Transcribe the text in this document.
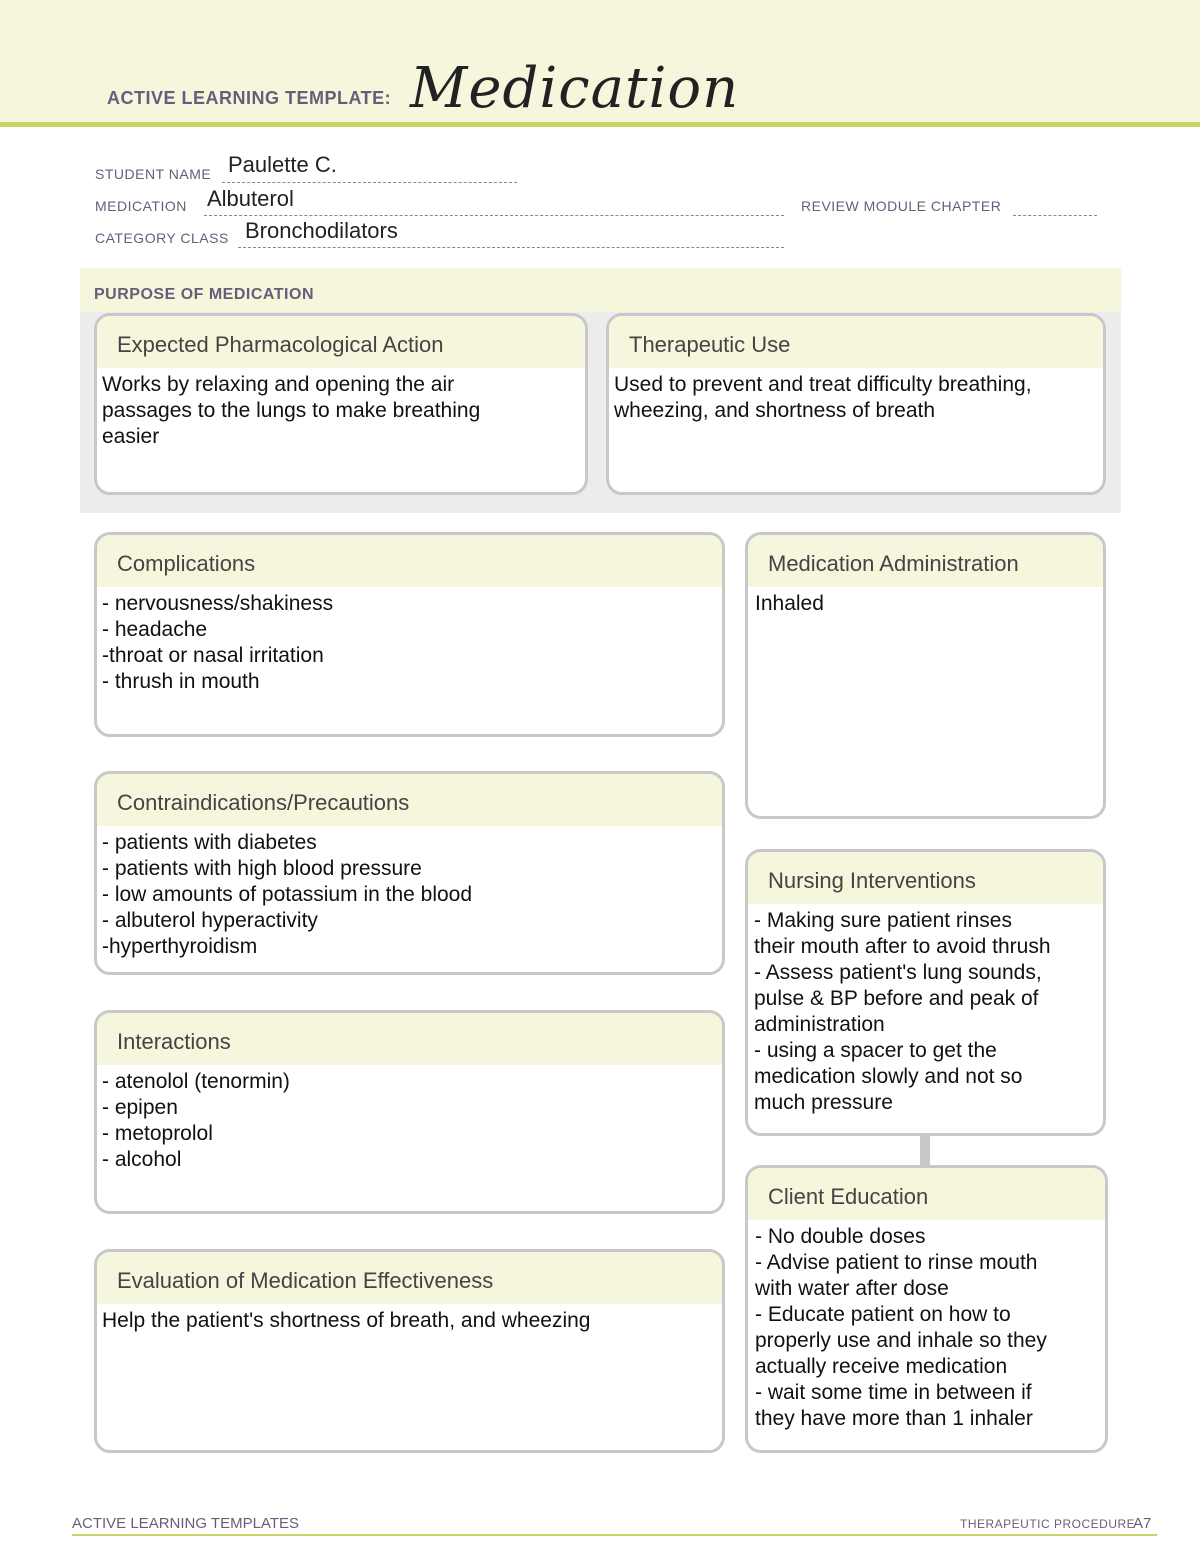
ACTIVE LEARNING TEMPLATE: Medication
STUDENT NAME Paulette C.
MEDICATION Albuterol	REVIEW MODULE CHAPTER
CATEGORY CLASS Bronchodilators
PURPOSE OF MEDICATION
Expected Pharmacological Action
Works by relaxing and opening the air
passages to the lungs to make breathing
easier
Therapeutic Use
Used to prevent and treat difficulty breathing,
wheezing, and shortness of breath
Complications
- nervousness/shakiness
- headache
-throat or nasal irritation
- thrush in mouth
Contraindications/Precautions
- patients with diabetes
- patients with high blood pressure
- low amounts of potassium in the blood
- albuterol hyperactivity
-hyperthyroidism
Interactions
- atenolol (tenormin)
- epipen
- metoprolol
- alcohol
Evaluation of Medication Effectiveness
Help the patient's shortness of breath, and wheezing
Medication Administration
Inhaled
Nursing Interventions
- Making sure patient rinses
their mouth after to avoid thrush
- Assess patient's lung sounds,
pulse & BP before and peak of
administration
- using a spacer to get the
medication slowly and not so
much pressure
Client Education
- No double doses
- Advise patient to rinse mouth
with water after dose
- Educate patient on how to
properly use and inhale so they
actually receive medication
- wait some time in between if
they have more than 1 inhaler
ACTIVE LEARNING TEMPLATES	THERAPEUTIC PROCEDURE
A7
